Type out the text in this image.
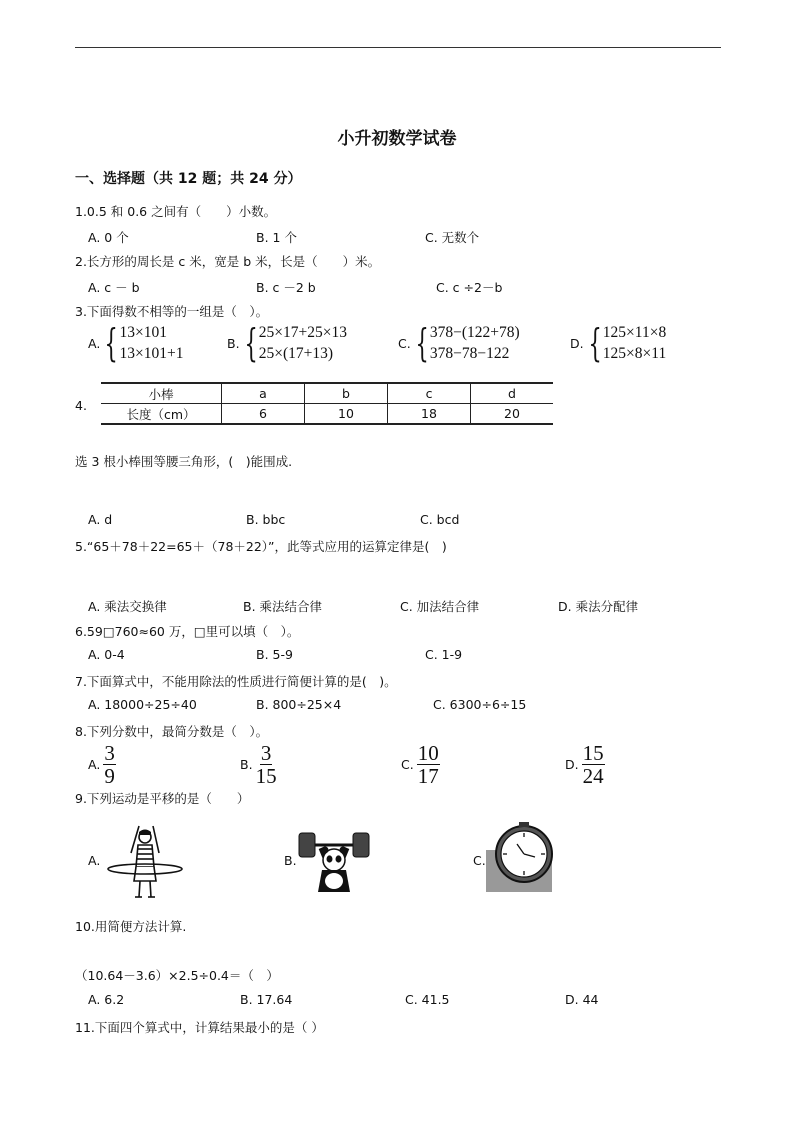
小升初数学试卷
一、选择题（共 12 题；共 24 分）
1.0.5 和 0.6 之间有（　　）小数。
A. 0 个	B. 1 个	C. 无数个
2.长方形的周长是 c 米，宽是 b 米，长是（　　）米。
A. c － b	B. c －2 b	C. c ÷2－b
3.下面得数不相等的一组是（　）。
A. { 13×101
13×101+1
B. { 25×17+25×13
25×(17+13)
C. { 378−(122+78)
378−78−122
D. { 125×11×8
125×8×11
4.
小棒	a	b	c	d
长度（cm）	6	10	18	20
选 3 根小棒围等腰三角形，(　)能围成.
A. d	B. bbc	C. bcd
5.“65＋78＋22=65＋（78＋22）”，此等式应用的运算定律是(　)
A. 乘法交换律	B. 乘法结合律	C. 加法结合律	D. 乘法分配律
6.59□760≈60 万，□里可以填（　）。
A. 0-4	B. 5-9	C. 1-9
7.下面算式中，不能用除法的性质进行简便计算的是(　)。
A. 18000÷25÷40	B. 800÷25×4	C. 6300÷6÷15
8.下列分数中，最简分数是（　）。
A. $\frac{3}{9}$	B. $\frac{3}{15}$	C. $\frac{10}{17}$	D. $\frac{15}{24}$
9.下列运动是平移的是（　　）
A.	B.	C.
10.用简便方法计算.
（10.64－3.6）×2.5÷0.4＝（　）
A. 6.2	B. 17.64	C. 41.5	D. 44
11.下面四个算式中，计算结果最小的是（ ）
